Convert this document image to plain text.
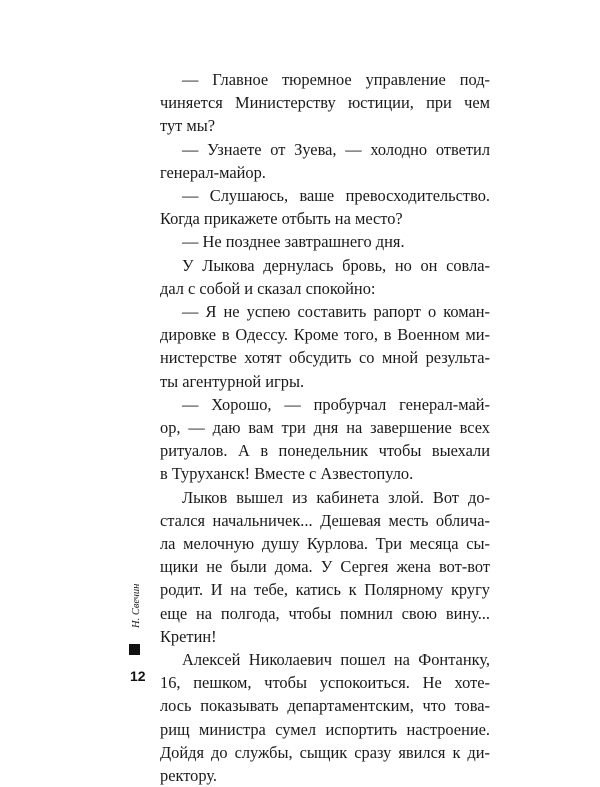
— Главное тюремное управление под-
чиняется Министерству юстиции, при чем
тут мы?
— Узнаете от Зуева, — холодно ответил
генерал-майор.
— Слушаюсь, ваше превосходительство.
Когда прикажете отбыть на место?
— Не позднее завтрашнего дня.
У Лыкова дернулась бровь, но он совла-
дал с собой и сказал спокойно:
— Я не успею составить рапорт о коман-
дировке в Одессу. Кроме того, в Военном ми-
нистерстве хотят обсудить со мной результа-
ты агентурной игры.
— Хорошо, — пробурчал генерал-май-
ор, — даю вам три дня на завершение всех
ритуалов. А в понедельник чтобы выехали
в Туруханск! Вместе с Азвестопуло.
Лыков вышел из кабинета злой. Вот до-
стался начальничек... Дешевая месть облича-
ла мелочную душу Курлова. Три месяца сы-
щики не были дома. У Сергея жена вот-вот
родит. И на тебе, катись к Полярному кругу
еще на полгода, чтобы помнил свою вину...
Кретин!
Алексей Николаевич пошел на Фонтанку,
16, пешком, чтобы успокоиться. Не хотe-
лось показывать департаментским, что това-
рищ министра сумел испортить настроение.
Дойдя до службы, сыщик сразу явился к ди-
ректору.
Н. Свечин
12
